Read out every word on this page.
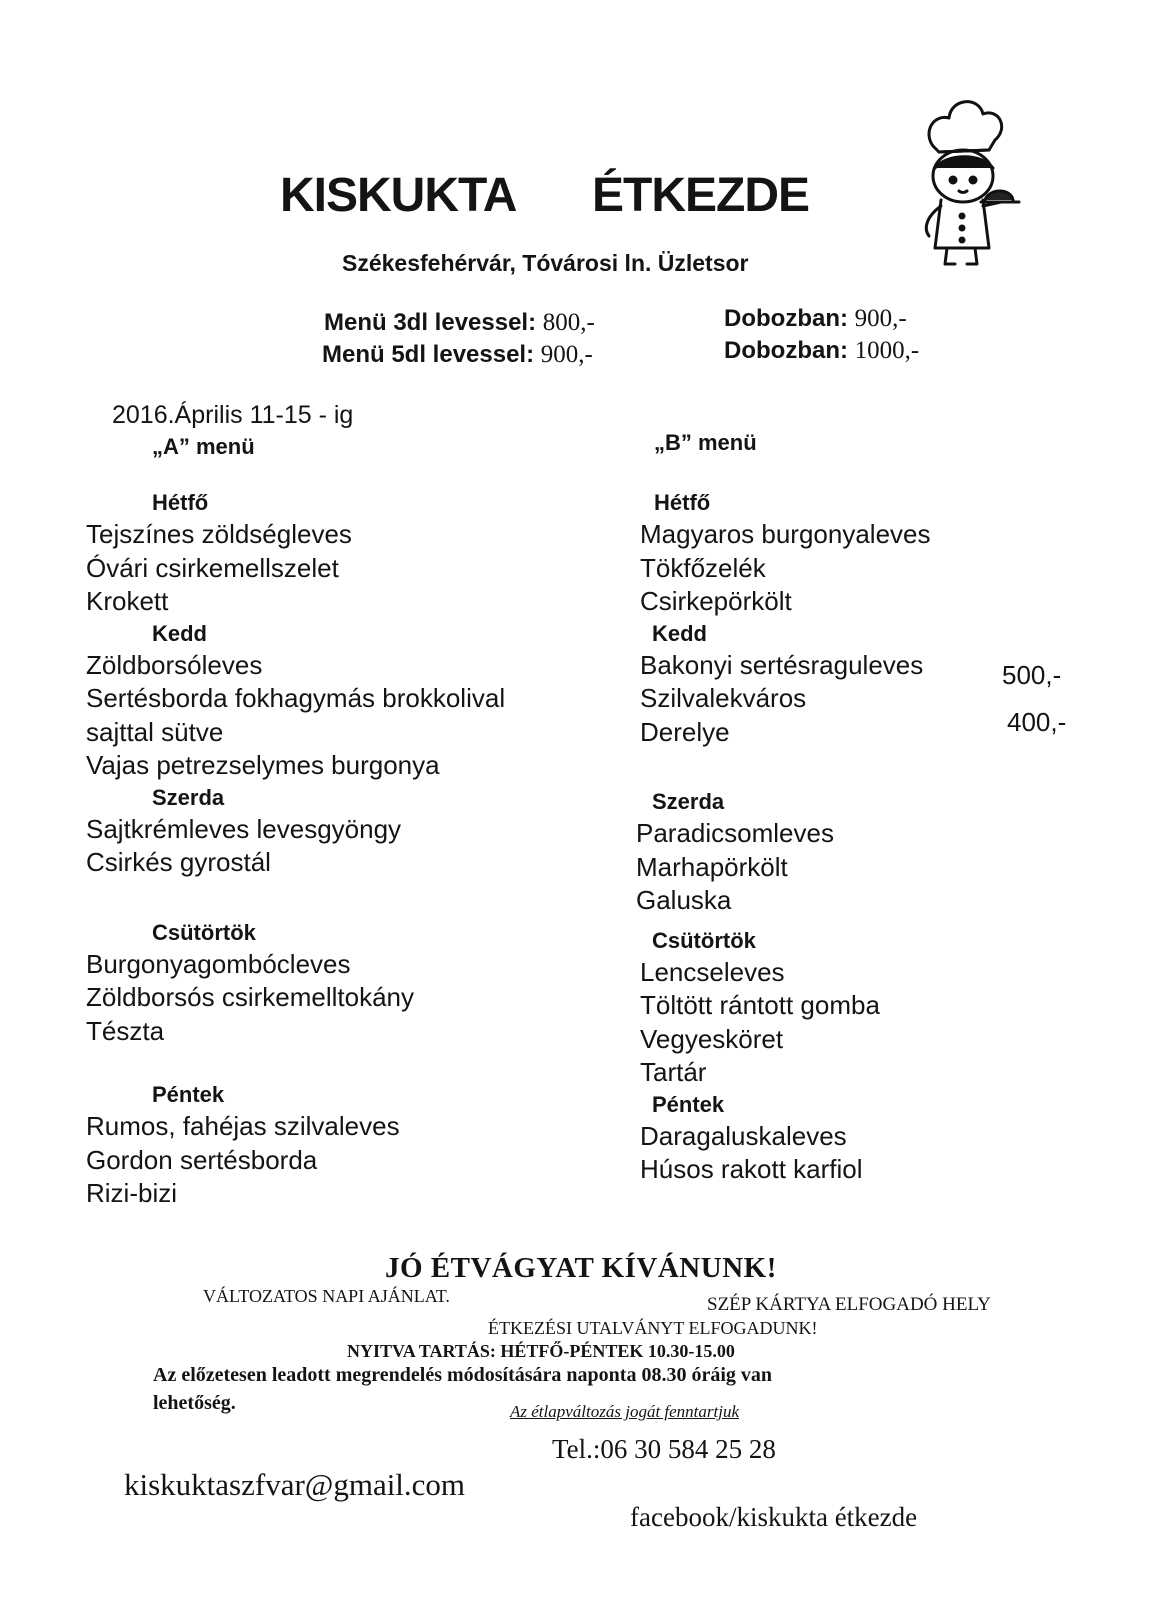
KISKUKTA ÉTKEZDE
Székesfehérvár, Tóvárosi ln. Üzletsor
Menü 3dl levessel: 800,-
Menü 5dl levessel: 900,-
Dobozban: 900,-
Dobozban: 1000,-
2016.Április 11-15 - ig
„A” menü	„B” menü
Hétfő
Tejszínes zöldségleves
Óvári csirkemellszelet
Krokett
Kedd
Zöldborsóleves
Sertésborda fokhagymás brokkolival
sajttal sütve
Vajas petrezselymes burgonya
Szerda
Sajtkrémleves levesgyöngy
Csirkés gyrostál
Csütörtök
Burgonyagombócleves
Zöldborsós csirkemelltokány
Tészta
Péntek
Rumos, fahéjas szilvaleves
Gordon sertésborda
Rizi-bizi
Hétfő
Magyaros burgonyaleves
Tökfőzelék
Csirkepörkölt
Kedd
Bakonyi sertésraguleves
Szilvalekváros
Derelye
Szerda
Paradicsomleves
Marhapörkölt
Galuska
Csütörtök
Lencseleves
Töltött rántott gomba
Vegyesköret
Tartár
Péntek
Daragaluskaleves
Húsos rakott karfiol
500,-
400,-
JÓ ÉTVÁGYAT KÍVÁNUNK!
VÁLTOZATOS NAPI AJÁNLAT.	SZÉP KÁRTYA ELFOGADÓ HELY
ÉTKEZÉSI UTALVÁNYT ELFOGADUNK!
NYITVA TARTÁS: HÉTFŐ-PÉNTEK 10.30-15.00
Az előzetesen leadott megrendelés módosítására naponta 08.30 óráig van
lehetőség.	Az étlapváltozás jogát fenntartjuk
Tel.:06 30 584 25 28
kiskuktaszfvar@gmail.com
facebook/kiskukta étkezde
